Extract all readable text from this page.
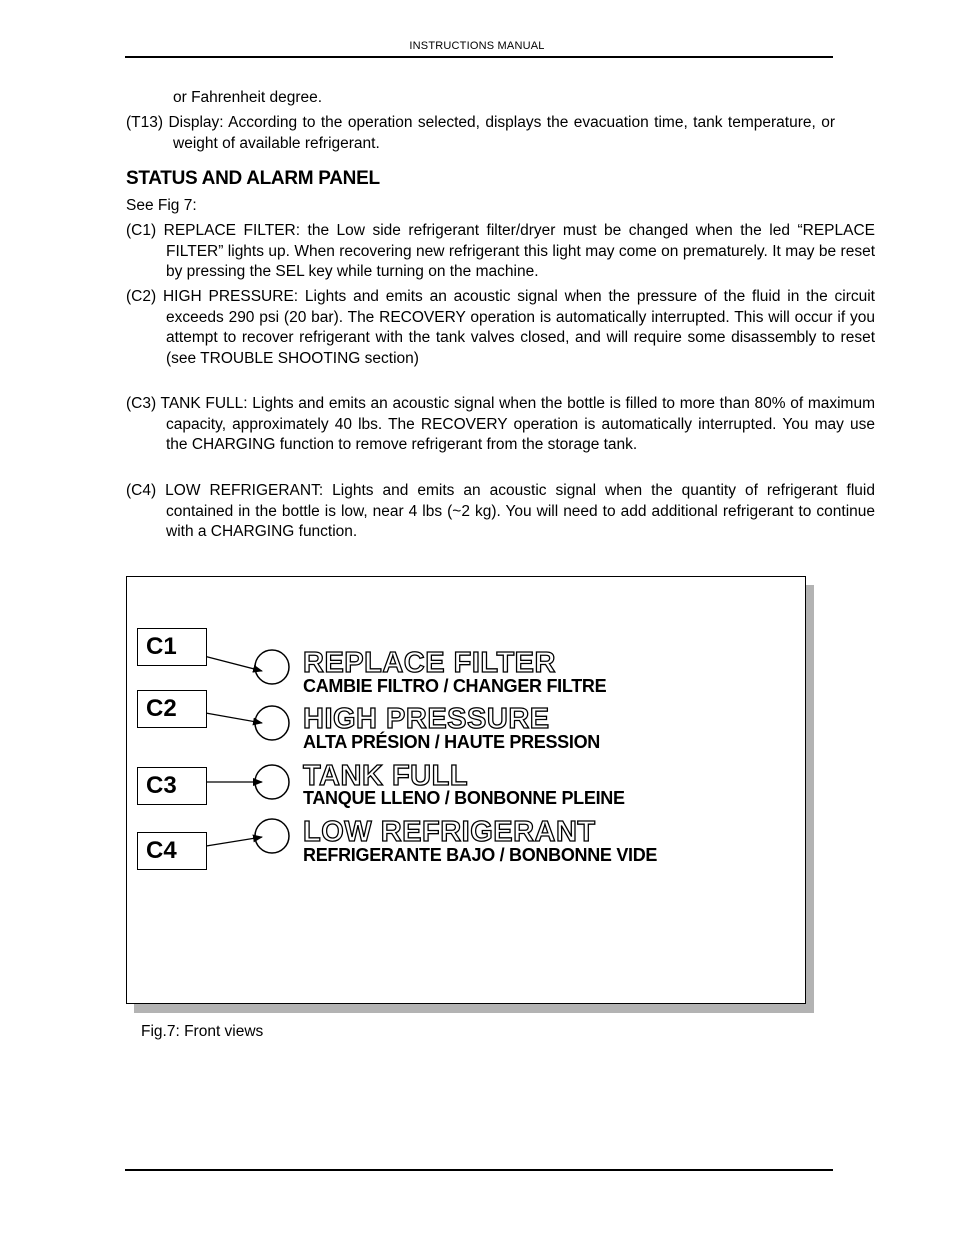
INSTRUCTIONS MANUAL
or Fahrenheit degree.
(T13) Display: According to the operation selected, displays the evacuation time, tank temperature, or weight of available refrigerant.
STATUS AND ALARM PANEL
See Fig 7:
(C1) REPLACE FILTER: the Low side refrigerant filter/dryer must be changed when the led “REPLACE FILTER” lights up. When recovering new refrigerant this light may come on prematurely. It may be reset by pressing the SEL key while turning on the machine.
(C2) HIGH PRESSURE: Lights and emits an acoustic signal when the pressure of the fluid in the circuit exceeds 290 psi (20 bar). The RECOVERY operation is automatically interrupted. This will occur if you attempt to recover refrigerant with the tank valves closed, and will require some disassembly to reset (see TROUBLE SHOOTING section)
(C3) TANK FULL: Lights and emits an acoustic signal when the bottle is filled to more than 80% of maximum capacity, approximately 40 lbs. The RECOVERY operation is automatically interrupted. You may use the CHARGING function to remove refrigerant from the storage tank.
(C4) LOW REFRIGERANT: Lights and emits an acoustic signal when the quantity of refrigerant fluid contained in the bottle is low, near 4 lbs (~2 kg). You will need to add additional refrigerant to continue with a CHARGING function.
C1
C2
C3
C4
REPLACE FILTER
CAMBIE FILTRO / CHANGER FILTRE
HIGH PRESSURE
ALTA PRÉSION / HAUTE PRESSION
TANK FULL
TANQUE LLENO / BONBONNE PLEINE
LOW REFRIGERANT
REFRIGERANTE BAJO / BONBONNE VIDE
Fig.7: Front views
